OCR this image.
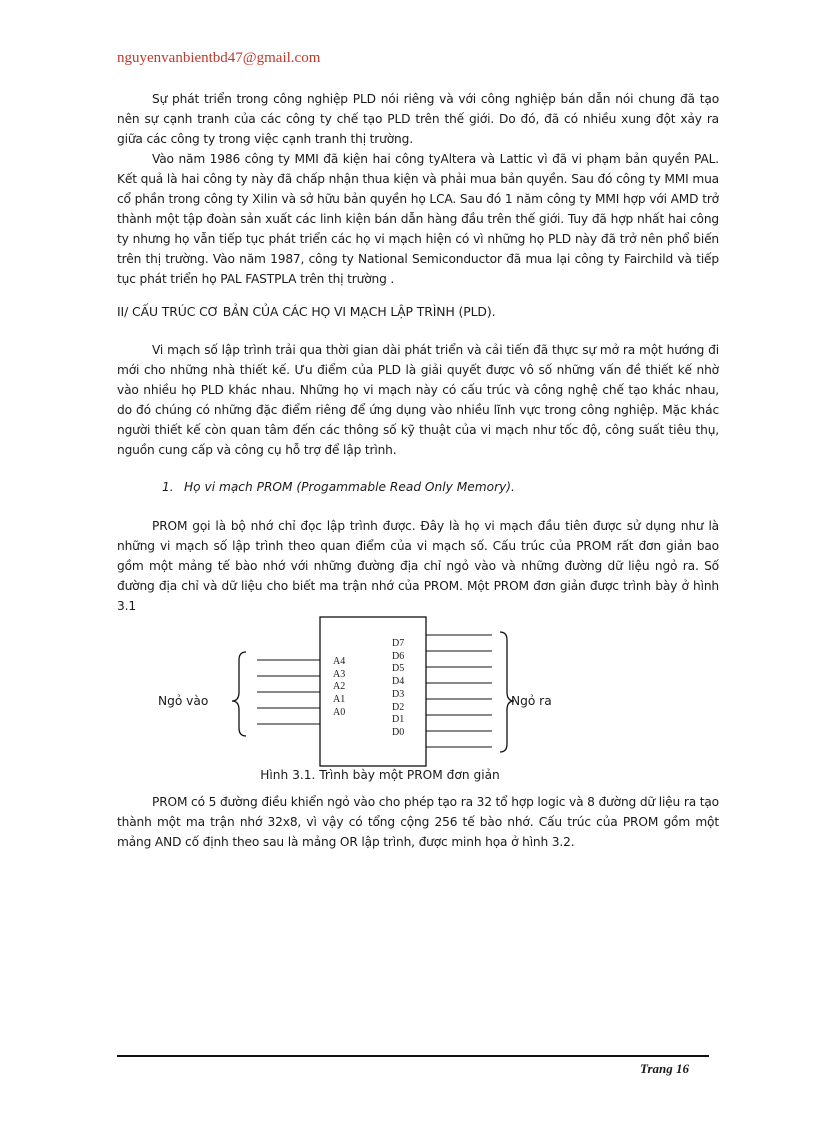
nguyenvanbientbd47@gmail.com

Sự phát triển trong công nghiệp PLD nói riêng và với công nghiệp bán dẫn nói chung đã tạo nên sự cạnh tranh của các công ty chế tạo PLD trên thế giới. Do đó, đã có nhiều xung đột xảy ra giữa các công ty trong việc cạnh tranh thị trường.

Vào năm 1986 công ty MMI đã kiện hai công tyAltera và Lattic vì đã vi phạm bản quyền PAL. Kết quả là hai công ty này đã chấp nhận thua kiện và phải mua bản quyền. Sau đó công ty MMI mua cổ phần trong công ty Xilin và sở hữu bản quyền họ LCA. Sau đó 1 năm công ty MMI hợp với AMD trở thành một tập đoàn sản xuất các linh kiện bán dẫn hàng đầu trên thế giới. Tuy đã hợp nhất hai công ty nhưng họ vẫn tiếp tục phát triển các họ vi mạch hiện có vì những họ PLD này đã trở nên phổ biến trên thị trường. Vào năm 1987, công ty National Semiconductor đã mua lại công ty Fairchild và tiếp tục phát triển họ PAL FASTPLA trên thị trường .

II/ CẤU TRÚC CƠ BẢN CỦA CÁC HỌ VI MẠCH LẬP TRÌNH (PLD).

Vi mạch số lập trình trải qua thời gian dài phát triển và cải tiến đã thực sự mở ra một hướng đi mới cho những nhà thiết kế. Ưu điểm của PLD là giải quyết được vô số những vấn đề thiết kế nhờ vào nhiều họ PLD khác nhau. Những họ vi mạch này có cấu trúc và công nghệ chế tạo khác nhau, do đó chúng có những đặc điểm riêng để ứng dụng vào nhiều lĩnh vực trong công nghiệp. Mặc khác người thiết kế còn quan tâm đến các thông số kỹ thuật của vi mạch như tốc độ, công suất tiêu thụ, nguồn cung cấp và công cụ hỗ trợ để lập trình.

1. Họ vi mạch PROM (Progammable Read Only Memory).

PROM gọi là bộ nhớ chỉ đọc lập trình được. Đây là họ vi mạch đầu tiên được sử dụng như là những vi mạch số lập trình theo quan điểm của vi mạch số. Cấu trúc của PROM rất đơn giản bao gồm một mảng tế bào nhớ với những đường địa chỉ ngỏ vào và những đường dữ liệu ngỏ ra. Số đường địa chỉ và dữ liệu cho biết ma trận nhớ của PROM. Một PROM đơn giản được trình bày ở hình 3.1

Ngỏ vào	Ngỏ ra
A4
A3
A2
A1
A0
D7
D6
D5
D4
D3
D2
D1
D0
Hình 3.1. Trình bày một PROM đơn giản

PROM có 5 đường điều khiển ngỏ vào cho phép tạo ra 32 tổ hợp logic và 8 đường dữ liệu ra tạo thành một ma trận nhớ 32x8, vì vậy có tổng cộng 256 tế bào nhớ. Cấu trúc của PROM gồm một mảng AND cố định theo sau là mảng OR lập trình, được minh họa ở hình 3.2.

Trang 16
